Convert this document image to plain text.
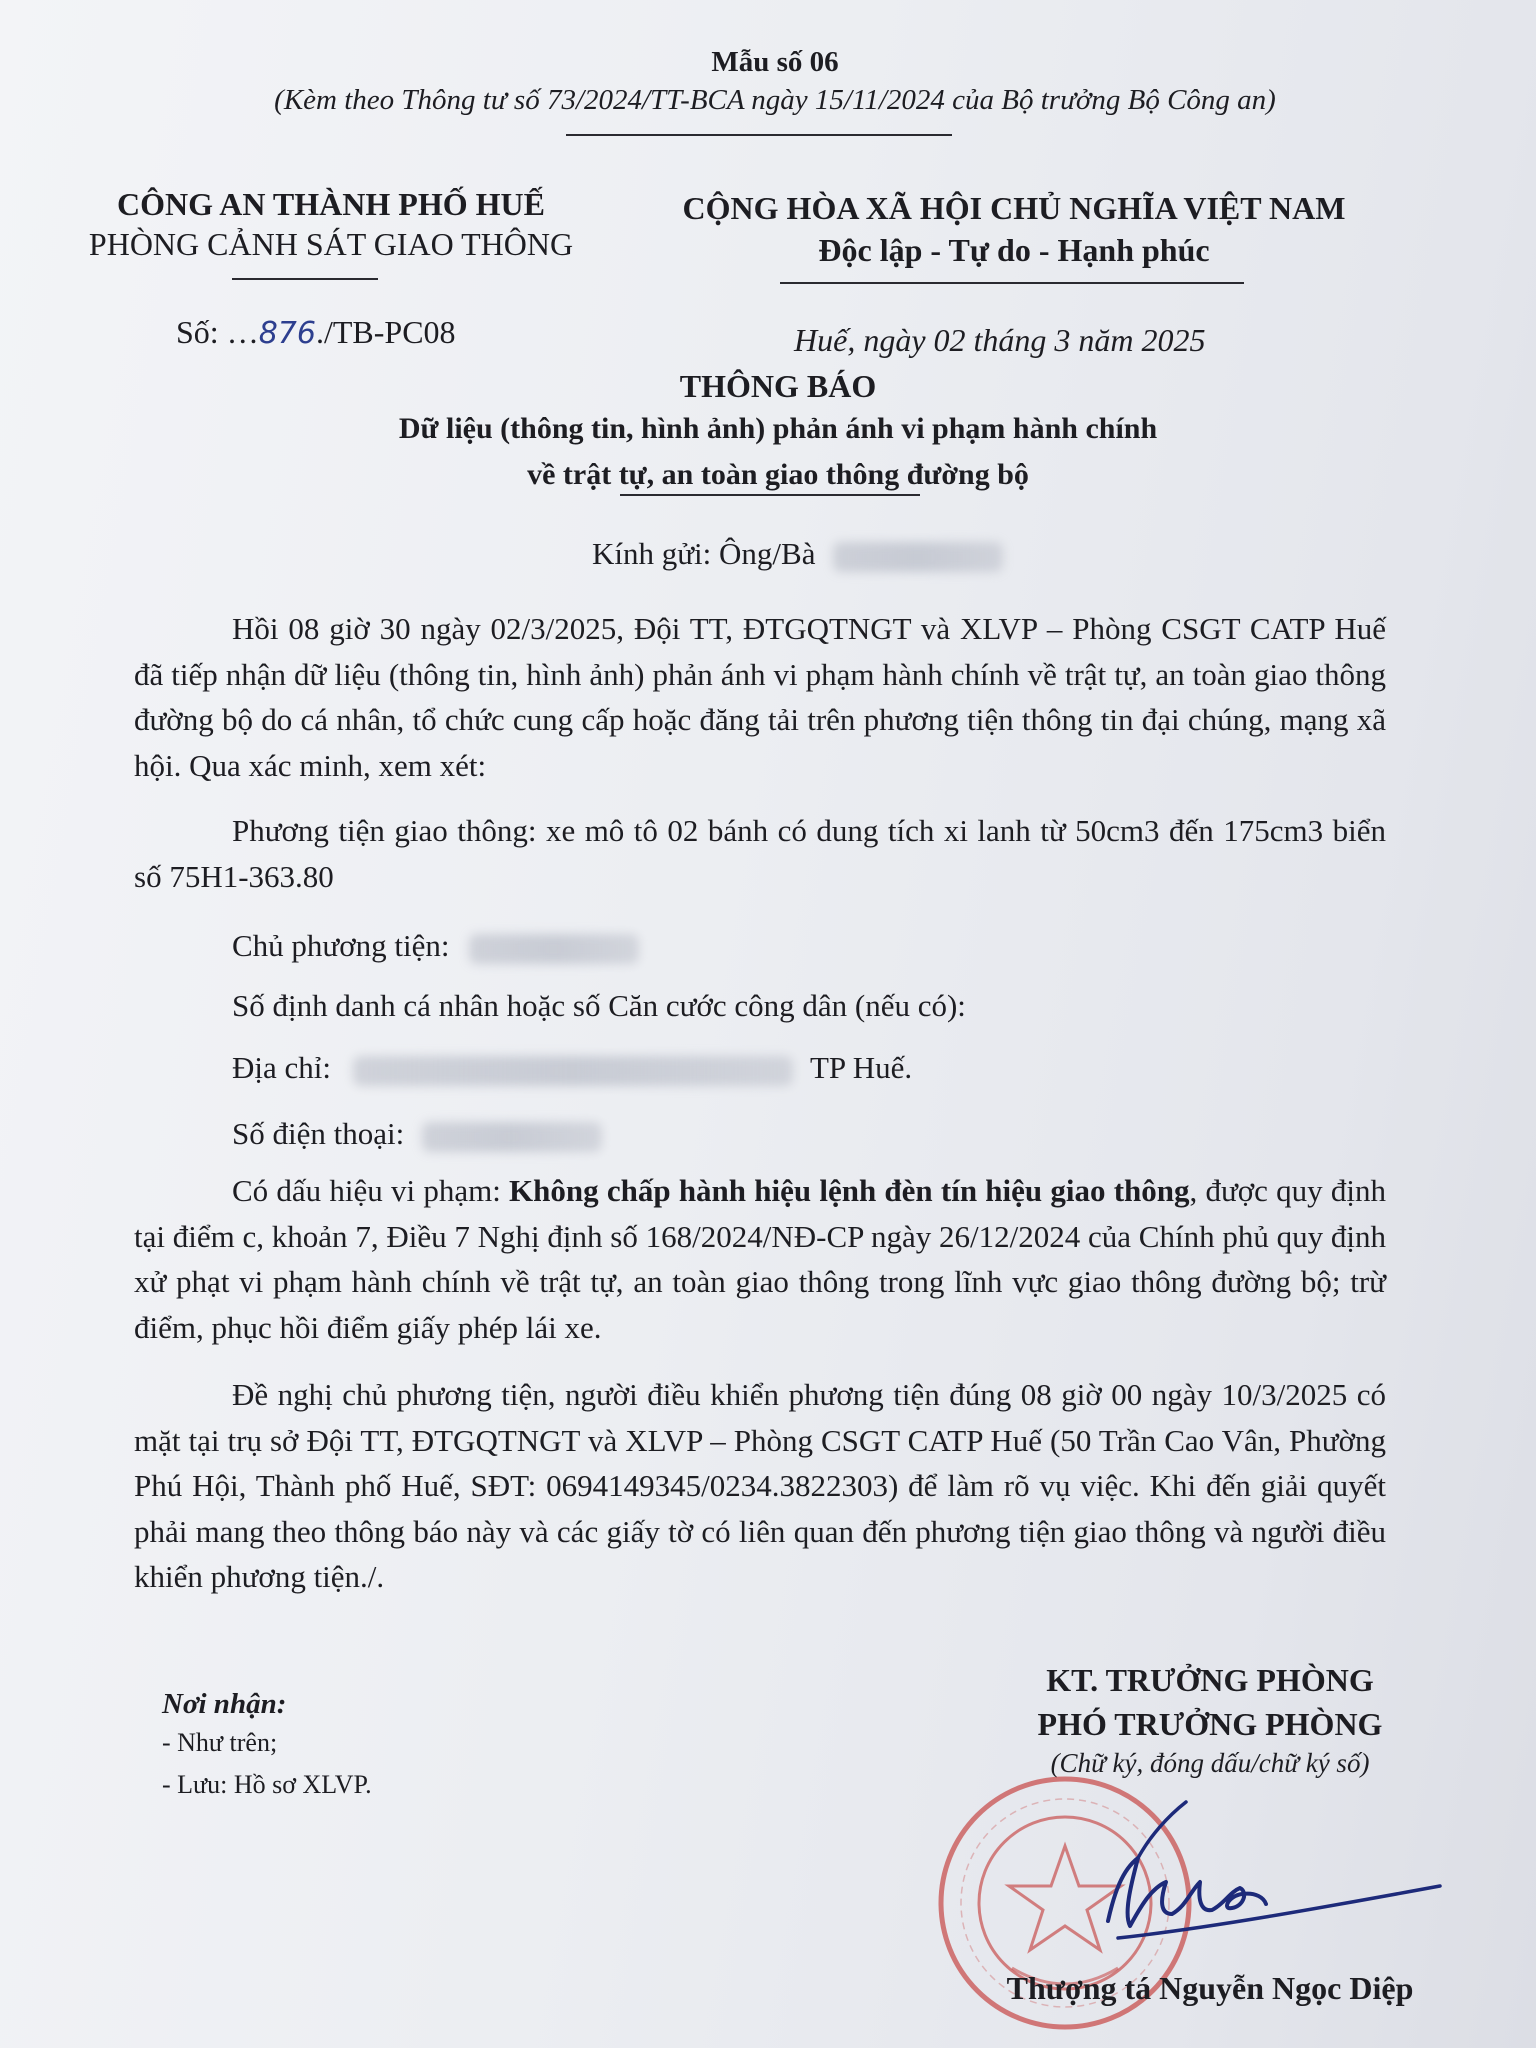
Mẫu số 06
(Kèm theo Thông tư số 73/2024/TT-BCA ngày 15/11/2024 của Bộ trưởng Bộ Công an)
CÔNG AN THÀNH PHỐ HUẾ
PHÒNG CẢNH SÁT GIAO THÔNG
Số: …876./TB-PC08
CỘNG HÒA XÃ HỘI CHỦ NGHĨA VIỆT NAM
Độc lập - Tự do - Hạnh phúc
Huế, ngày 02 tháng 3 năm 2025
THÔNG BÁO
Dữ liệu (thông tin, hình ảnh) phản ánh vi phạm hành chính
về trật tự, an toàn giao thông đường bộ
Kính gửi: Ông/Bà
Hồi 08 giờ 30 ngày 02/3/2025, Đội TT, ĐTGQTNGT và XLVP – Phòng CSGT CATP Huế đã tiếp nhận dữ liệu (thông tin, hình ảnh) phản ánh vi phạm hành chính về trật tự, an toàn giao thông đường bộ do cá nhân, tổ chức cung cấp hoặc đăng tải trên phương tiện thông tin đại chúng, mạng xã hội. Qua xác minh, xem xét:
Phương tiện giao thông: xe mô tô 02 bánh có dung tích xi lanh từ 50cm3 đến 175cm3 biển số 75H1-363.80
Chủ phương tiện:
Số định danh cá nhân hoặc số Căn cước công dân (nếu có):
Địa chỉ:	TP Huế.
Số điện thoại:
Có dấu hiệu vi phạm: Không chấp hành hiệu lệnh đèn tín hiệu giao thông, được quy định tại điểm c, khoản 7, Điều 7 Nghị định số 168/2024/NĐ-CP ngày 26/12/2024 của Chính phủ quy định xử phạt vi phạm hành chính về trật tự, an toàn giao thông trong lĩnh vực giao thông đường bộ; trừ điểm, phục hồi điểm giấy phép lái xe.
Đề nghị chủ phương tiện, người điều khiển phương tiện đúng 08 giờ 00 ngày 10/3/2025 có mặt tại trụ sở Đội TT, ĐTGQTNGT và XLVP – Phòng CSGT CATP Huế (50 Trần Cao Vân, Phường Phú Hội, Thành phố Huế, SĐT: 0694149345/0234.3822303) để làm rõ vụ việc. Khi đến giải quyết phải mang theo thông báo này và các giấy tờ có liên quan đến phương tiện giao thông và người điều khiển phương tiện./.
Nơi nhận:
- Như trên;
- Lưu: Hồ sơ XLVP.
KT. TRƯỞNG PHÒNG
PHÓ TRƯỞNG PHÒNG
(Chữ ký, đóng dấu/chữ ký số)
Thượng tá Nguyễn Ngọc Diệp
